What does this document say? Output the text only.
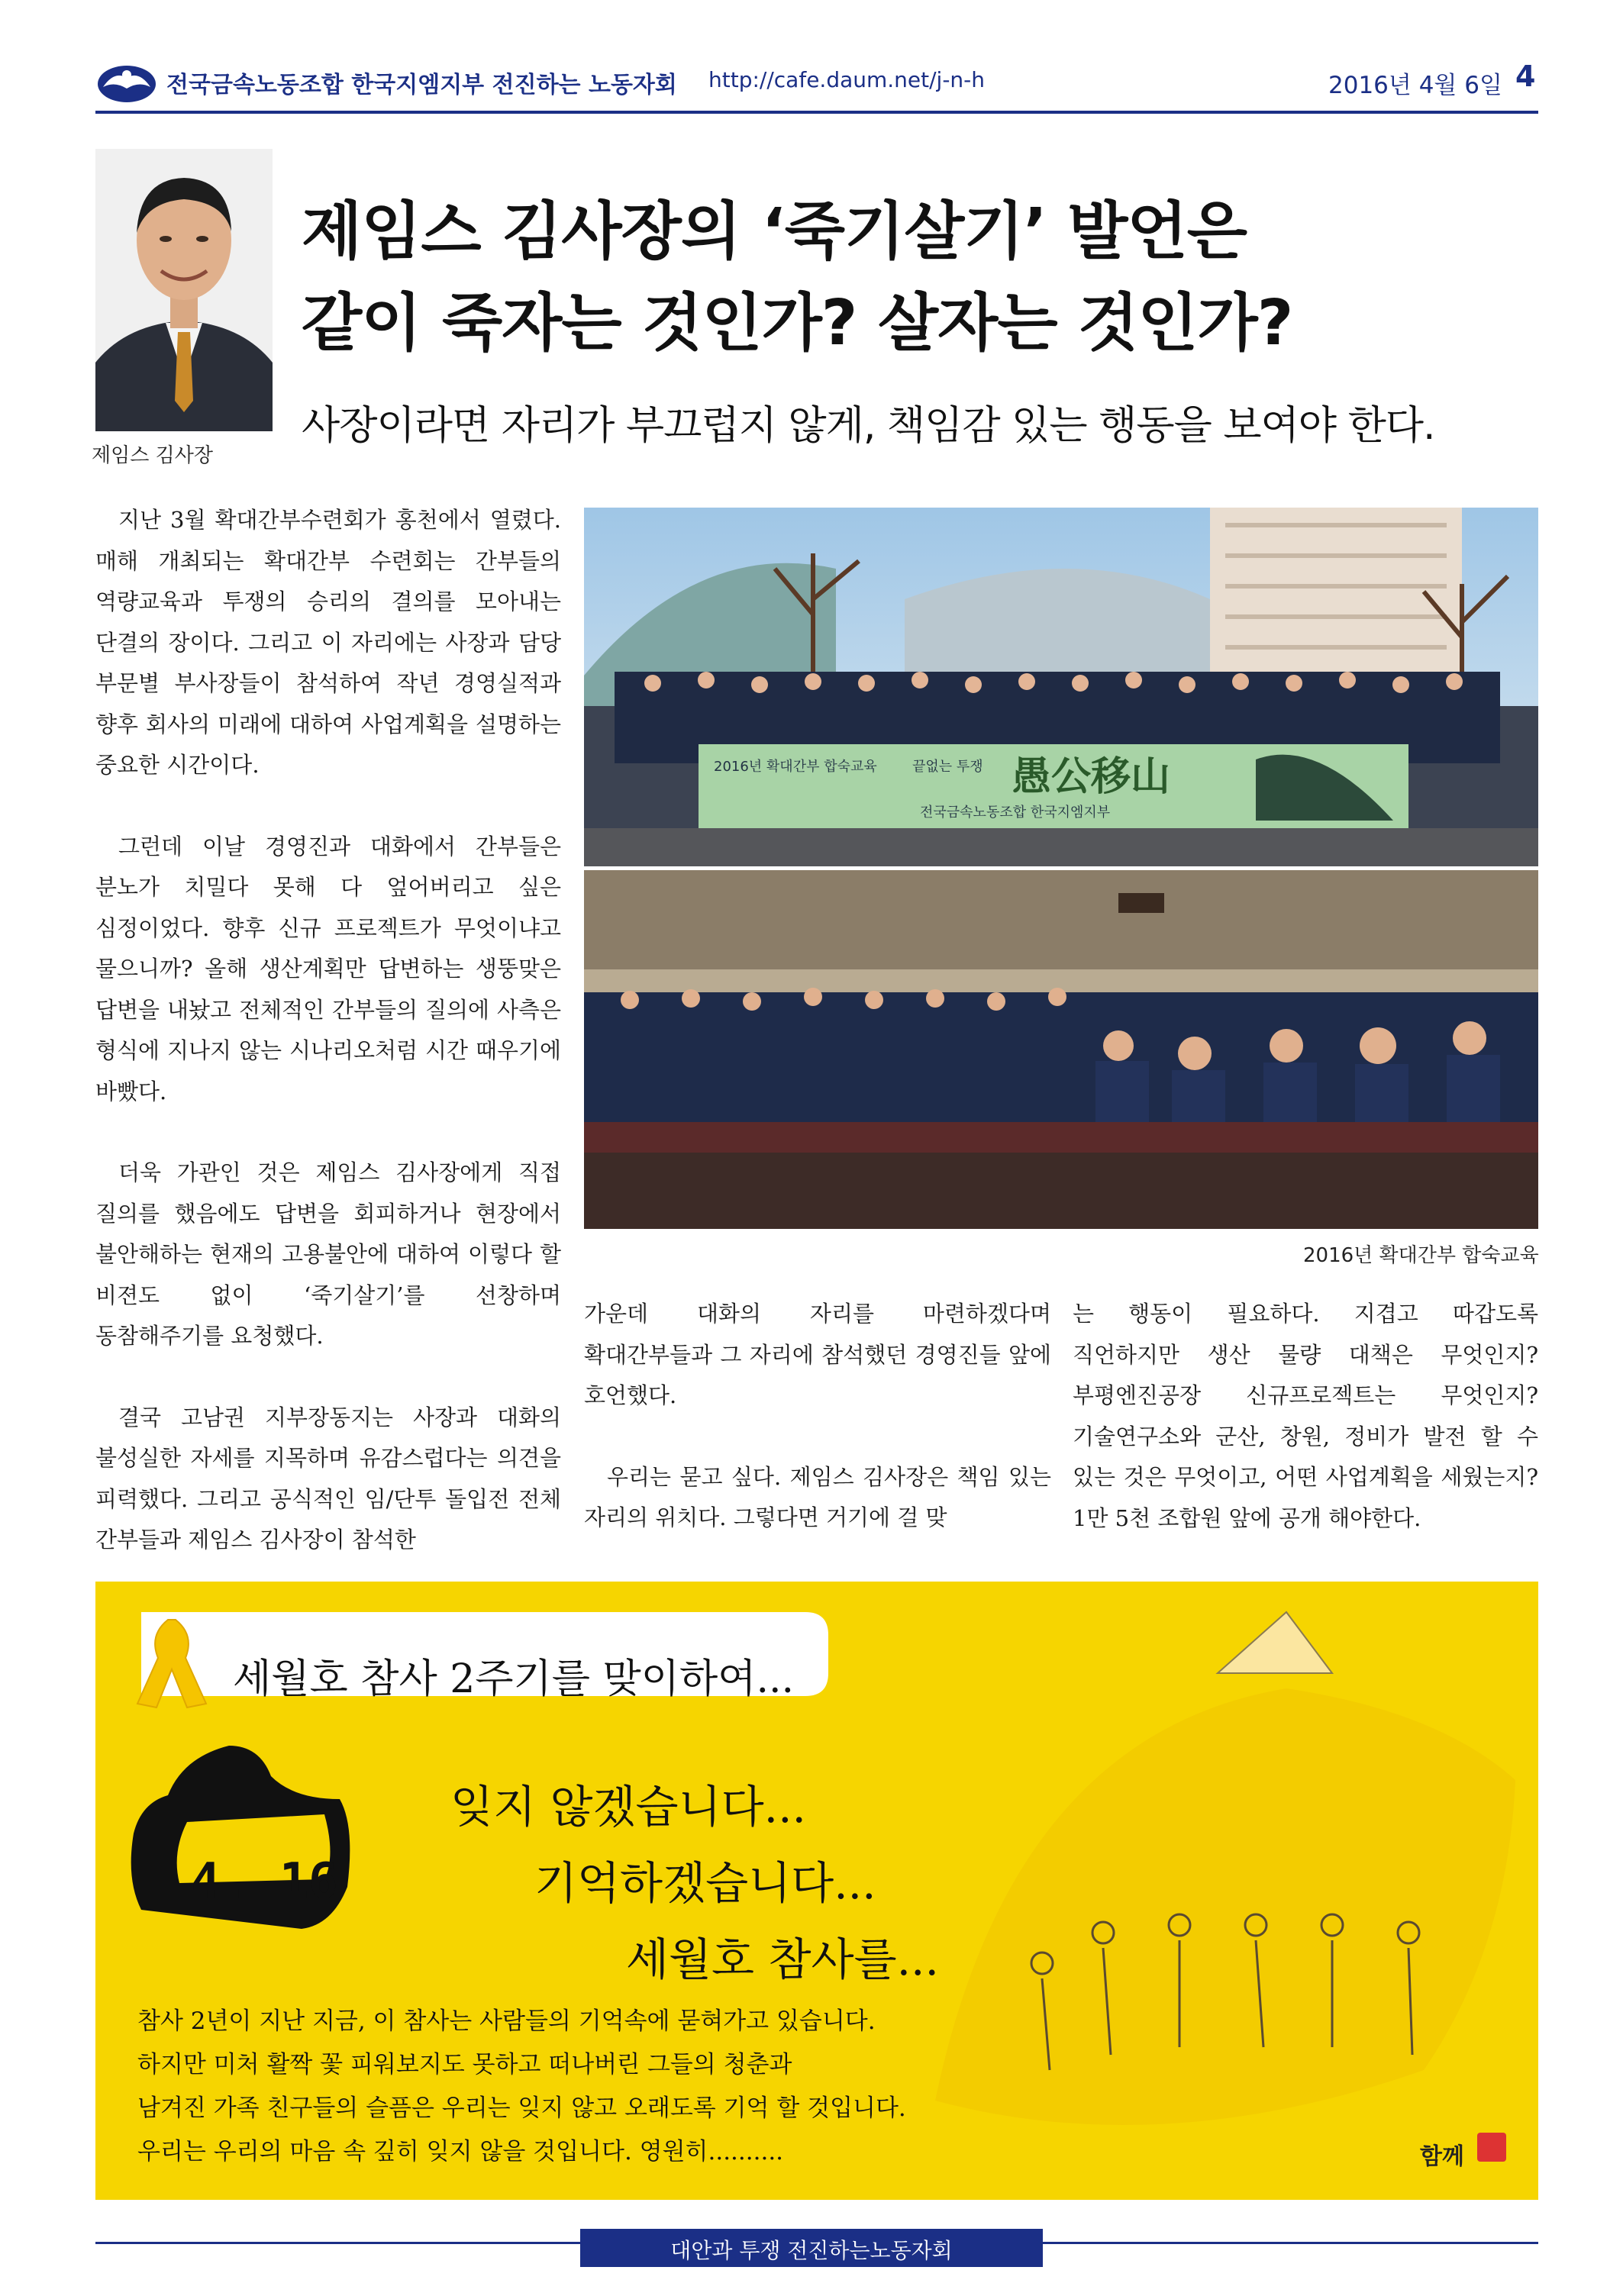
전국금속노동조합 한국지엠지부 전진하는 노동자회 http://cafe.daum.net/j-n-h	2016년 4월 6일 4
제임스 김사장
제임스 김사장의 ‘죽기살기’ 발언은
같이 죽자는 것인가? 살자는 것인가?
사장이라면 자리가 부끄럽지 않게, 책임감 있는 행동을 보여야 한다.

지난 3월 확대간부수련회가 홍천에서 열렸다. 매해 개최되는 확대간부 수련회는 간부들의 역량교육과 투쟁의 승리의 결의를 모아내는 단결의 장이다. 그리고 이 자리에는 사장과 담당 부문별 부사장들이 참석하여 작년 경영실적과 향후 회사의 미래에 대하여 사업계획을 설명하는 중요한 시간이다.

그런데 이날 경영진과 대화에서 간부들은 분노가 치밀다 못해 다 엎어버리고 싶은 심정이었다. 향후 신규 프로젝트가 무엇이냐고 물으니까? 올해 생산계획만 답변하는 생뚱맞은 답변을 내놨고 전체적인 간부들의 질의에 사측은 형식에 지나지 않는 시나리오처럼 시간 때우기에 바빴다.

더욱 가관인 것은 제임스 김사장에게 직접 질의를 했음에도 답변을 회피하거나 현장에서 불안해하는 현재의 고용불안에 대하여 이렇다 할 비젼도 없이 ‘죽기살기’를 선창하며 동참해주기를 요청했다.

결국 고남권 지부장동지는 사장과 대화의 불성실한 자세를 지목하며 유감스럽다는 의견을 피력했다. 그리고 공식적인 임/단투 돌입전 전체 간부들과 제임스 김사장이 참석한

2016년 확대간부 합숙교육	끝없는 투쟁 愚公移山
전국금속노동조합 한국지엠지부
2016년 확대간부 합숙교육

가운데 대화의 자리를 마련하겠다며 확대간부들과 그 자리에 참석했던 경영진들 앞에 호언했다.

우리는 묻고 싶다. 제임스 김사장은 책임 있는 자리의 위치다. 그렇다면 거기에 걸 맞

는 행동이 필요하다. 지겹고 따갑도록 직언하지만 생산 물량 대책은 무엇인지? 부평엔진공장 신규프로젝트는 무엇인지? 기술연구소와 군산, 창원, 정비가 발전 할 수 있는 것은 무엇이고, 어떤 사업계획을 세웠는지? 1만 5천 조합원 앞에 공개 해야한다.

세월호 참사 2주기를 맞이하여...
4. 16
잊지 않겠습니다...
기억하겠습니다...
세월호 참사를...
참사 2년이 지난 지금, 이 참사는 사람들의 기억속에 묻혀가고 있습니다.
하지만 미처 활짝 꽃 피워보지도 못하고 떠나버린 그들의 청춘과
남겨진 가족 친구들의 슬픔은 우리는 잊지 않고 오래도록 기억 할 것입니다.
우리는 우리의 마음 속 깊히 잊지 않을 것입니다. 영원히..........	함께
대안과 투쟁 전진하는노동자회
